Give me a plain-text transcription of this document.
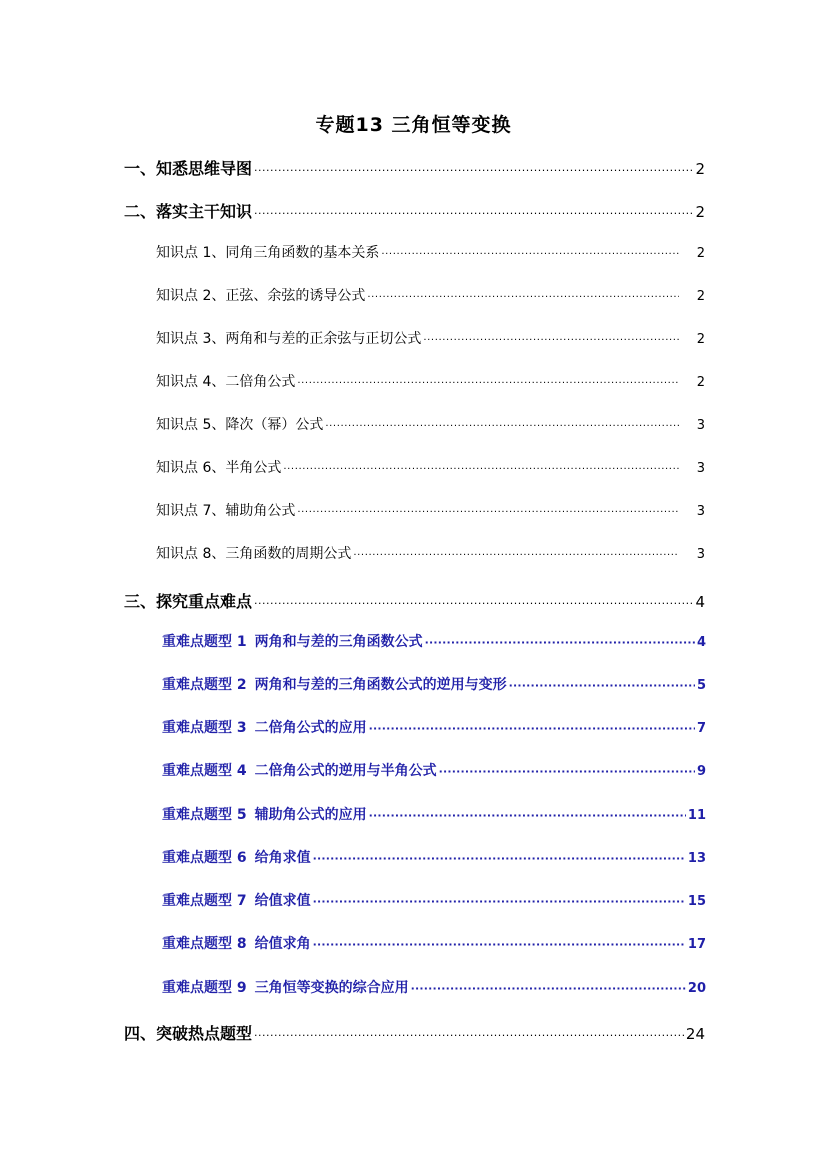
专题13 三角恒等变换
一、知悉思维导图 ·····	2
二、落实主干知识 ·····	2
知识点 1、同角三角函数的基本关系 ·····	2
知识点 2、正弦、余弦的诱导公式 ·····	2
知识点 3、两角和与差的正余弦与正切公式 ·····	2
知识点 4、二倍角公式 ·····	2
知识点 5、降次（幂）公式 ·····	3
知识点 6、半角公式 ·····	3
知识点 7、辅助角公式 ·····	3
知识点 8、三角函数的周期公式 ·····	3
三、探究重点难点 ·····	4
重难点题型 1 两角和与差的三角函数公式 ·····	4
重难点题型 2 两角和与差的三角函数公式的逆用与变形 ·····	5
重难点题型 3 二倍角公式的应用 ·····	7
重难点题型 4 二倍角公式的逆用与半角公式 ·····	9
重难点题型 5 辅助角公式的应用 ·····	11
重难点题型 6 给角求值 ·····	13
重难点题型 7 给值求值 ·····	15
重难点题型 8 给值求角 ·····	17
重难点题型 9 三角恒等变换的综合应用 ·····	20
四、突破热点题型 ·····	24
